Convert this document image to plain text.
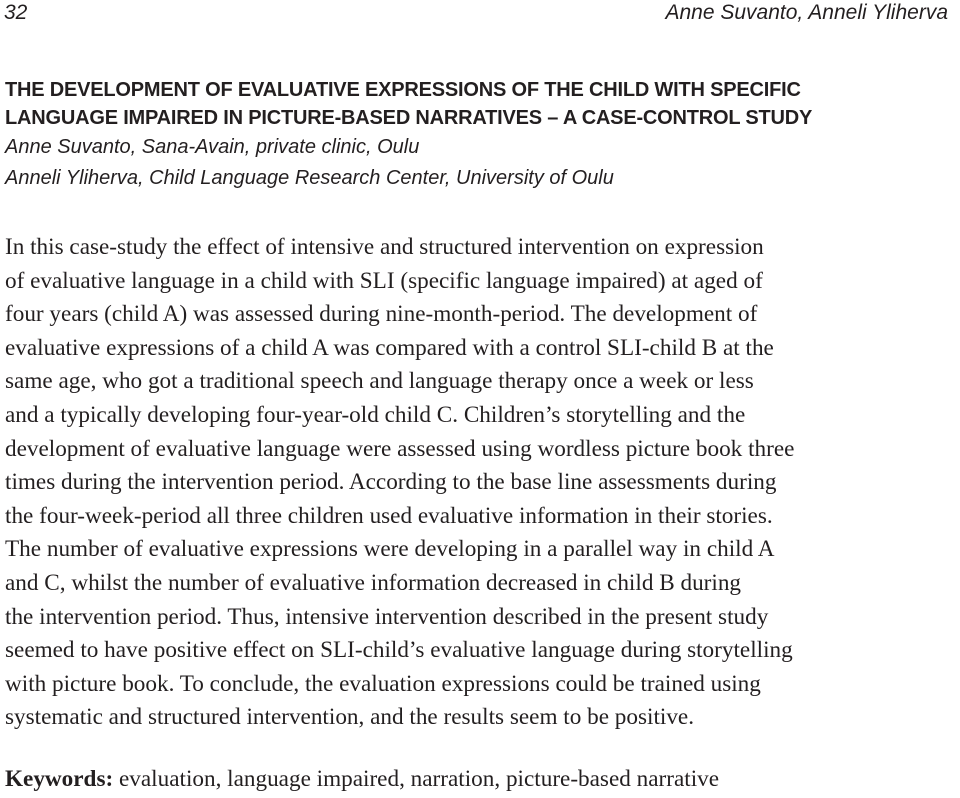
32	Anne Suvanto, Anneli Yliherva
THE DEVELOPMENT OF EVALUATIVE EXPRESSIONS OF THE CHILD WITH SPECIFIC
LANGUAGE IMPAIRED IN PICTURE-BASED NARRATIVES – A CASE-CONTROL STUDY
Anne Suvanto, Sana-Avain, private clinic, Oulu
Anneli Yliherva, Child Language Research Center, University of Oulu
In this case-study the effect of intensive and structured intervention on expression
of evaluative language in a child with SLI (specific language impaired) at aged of
four years (child A) was assessed during nine-month-period. The development of
evaluative expressions of a child A was compared with a control SLI-child B at the
same age, who got a traditional speech and language therapy once a week or less
and a typically developing four-year-old child C. Children’s storytelling and the
development of evaluative language were assessed using wordless picture book three
times during the intervention period. According to the base line assessments during
the four-week-period all three children used evaluative information in their stories.
The number of evaluative expressions were developing in a parallel way in child A
and C, whilst the number of evaluative information decreased in child B during
the intervention period. Thus, intensive intervention described in the present study
seemed to have positive effect on SLI-child’s evaluative language during storytelling
with picture book. To conclude, the evaluation expressions could be trained using
systematic and structured intervention, and the results seem to be positive.
Keywords: evaluation, language impaired, narration, picture-based narrative
